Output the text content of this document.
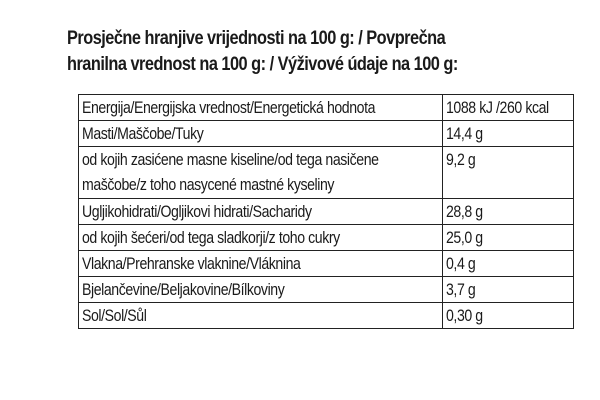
Prosječne hranjive vrijednosti na 100 g: / Povprečna
hranilna vrednost na 100 g: / Výživové údaje na 100 g:

Energija/Energijska vrednost/Energetická hodnota	1088 kJ /260 kcal
Masti/Maščobe/Tuky	14,4 g
od kojih zasićene masne kiseline/od tega nasičene
maščobe/z toho nasycené mastné kyseliny	9,2 g
Ugljikohidrati/Ogljikovi hidrati/Sacharidy	28,8 g
od kojih šećeri/od tega sladkorji/z toho cukry	25,0 g
Vlakna/Prehranske vlaknine/Vláknina	0,4 g
Bjelančevine/Beljakovine/Bílkoviny	3,7 g
Sol/Sol/Sůl	0,30 g
